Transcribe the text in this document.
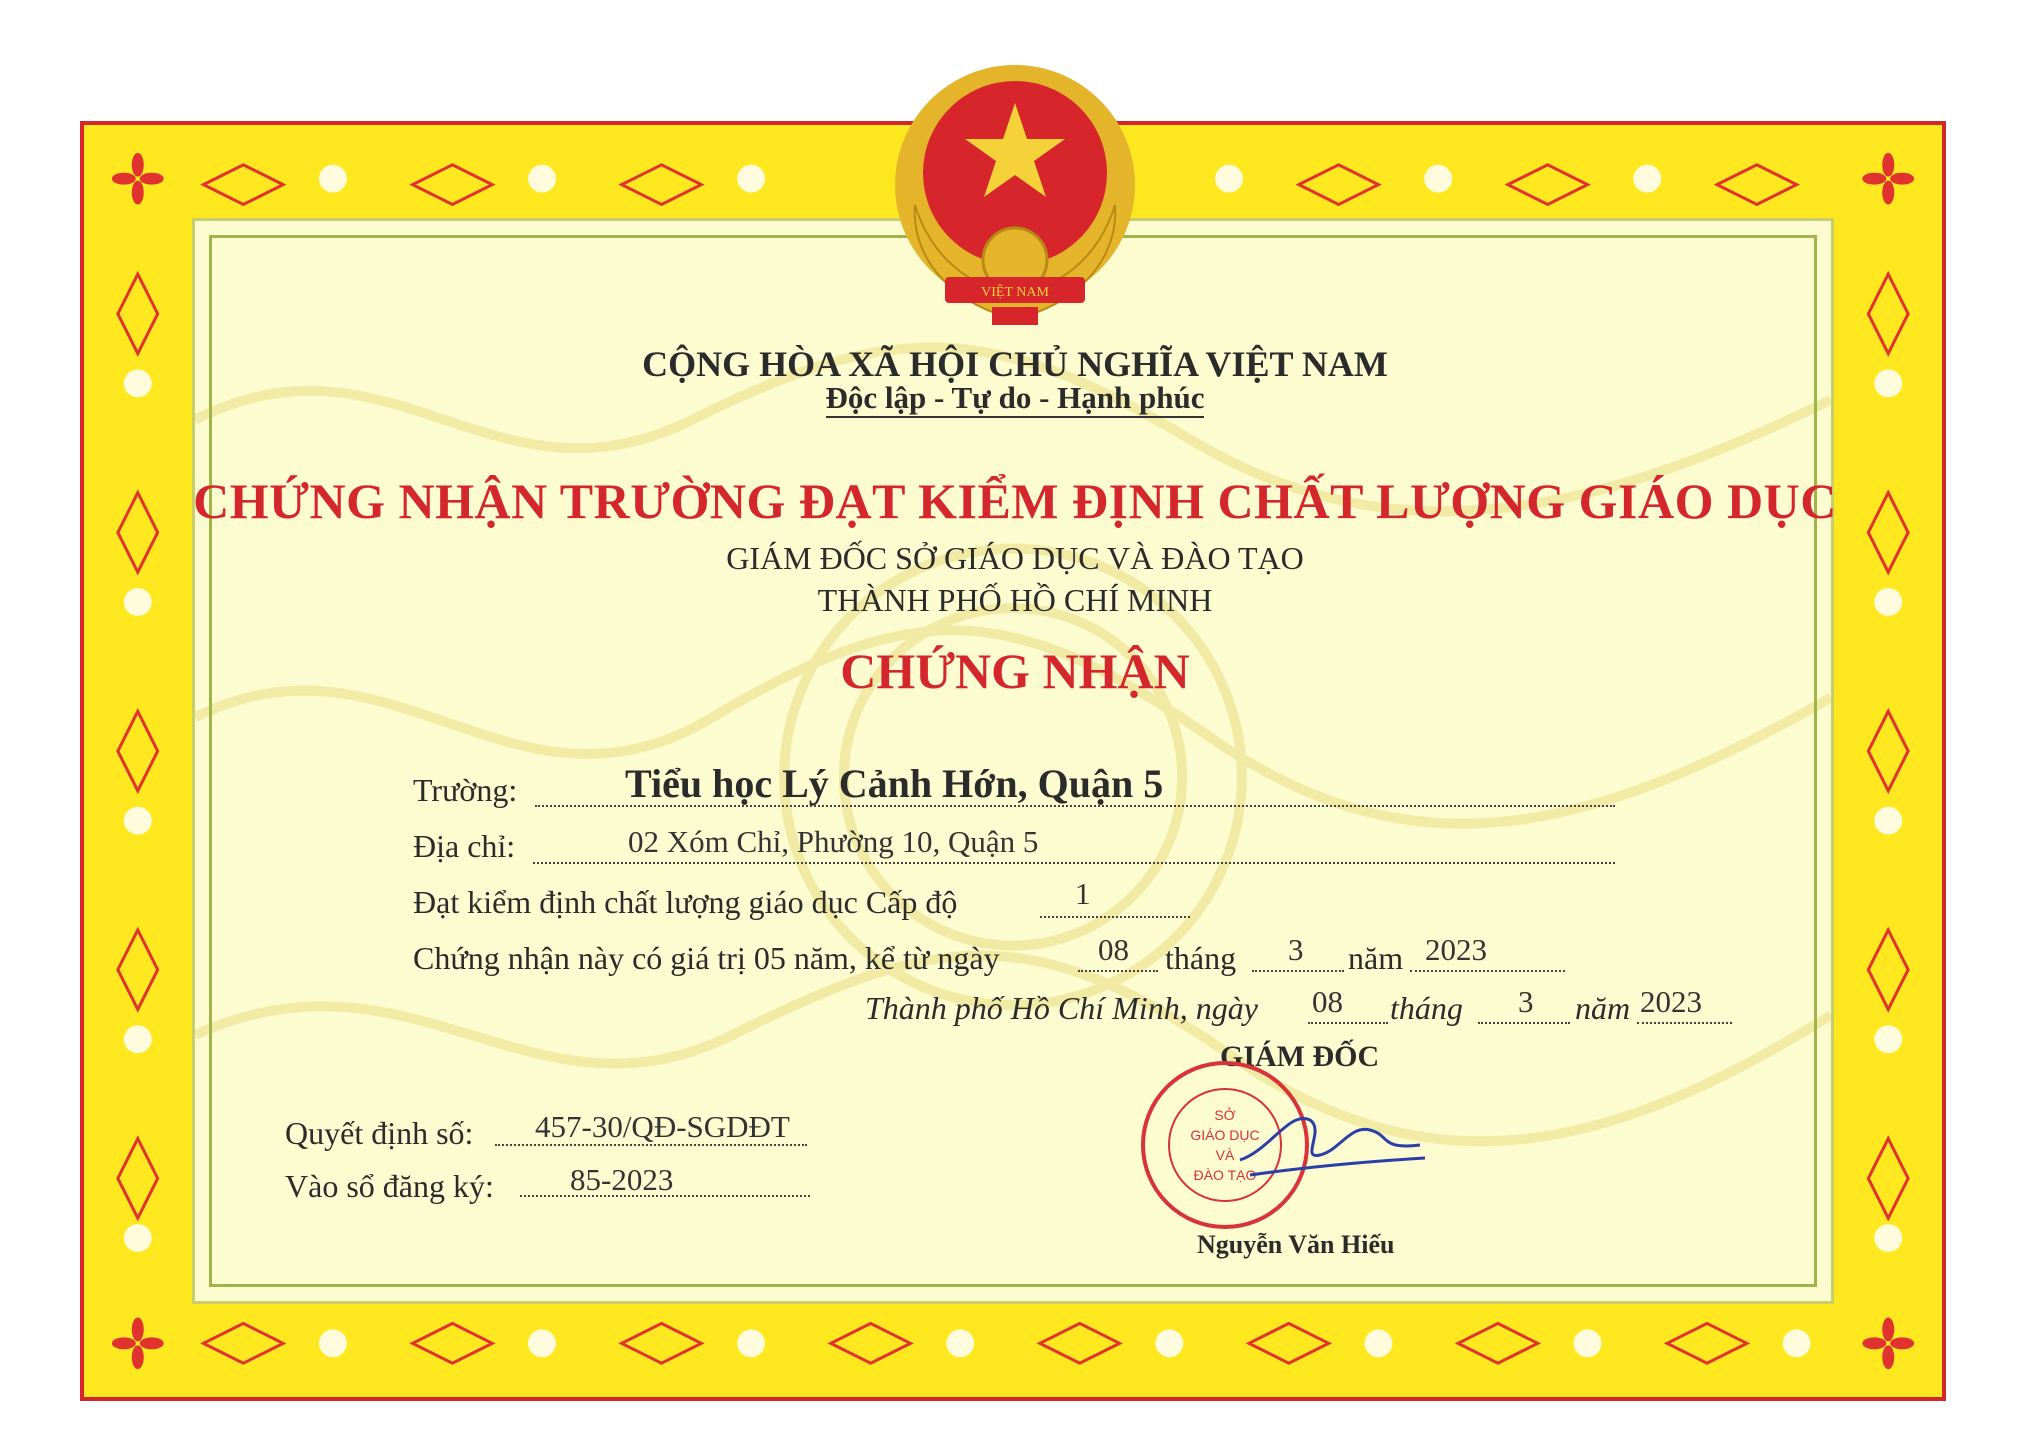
VIỆT NAM
CỘNG HÒA XÃ HỘI CHỦ NGHĨA VIỆT NAM
Độc lập - Tự do - Hạnh phúc
CHỨNG NHẬN TRƯỜNG ĐẠT KIỂM ĐỊNH CHẤT LƯỢNG GIÁO DỤC
GIÁM ĐỐC SỞ GIÁO DỤC VÀ ĐÀO TẠO
THÀNH PHỐ HỒ CHÍ MINH
CHỨNG NHẬN
Trường:	Tiểu học Lý Cảnh Hớn, Quận 5
Địa chỉ:	02 Xóm Chỉ, Phường 10, Quận 5
Đạt kiểm định chất lượng giáo dục Cấp độ	1
Chứng nhận này có giá trị 05 năm, kể từ ngày	08 tháng 3 năm 2023
Thành phố Hồ Chí Minh, ngày 08 tháng 3 năm 2023
GIÁM ĐỐC
SỞ
GIÁO DỤC
VÀ
ĐÀO TẠO
Quyết định số: 457-30/QĐ-SGDĐT
Vào sổ đăng ký: 85-2023
Nguyễn Văn Hiếu
